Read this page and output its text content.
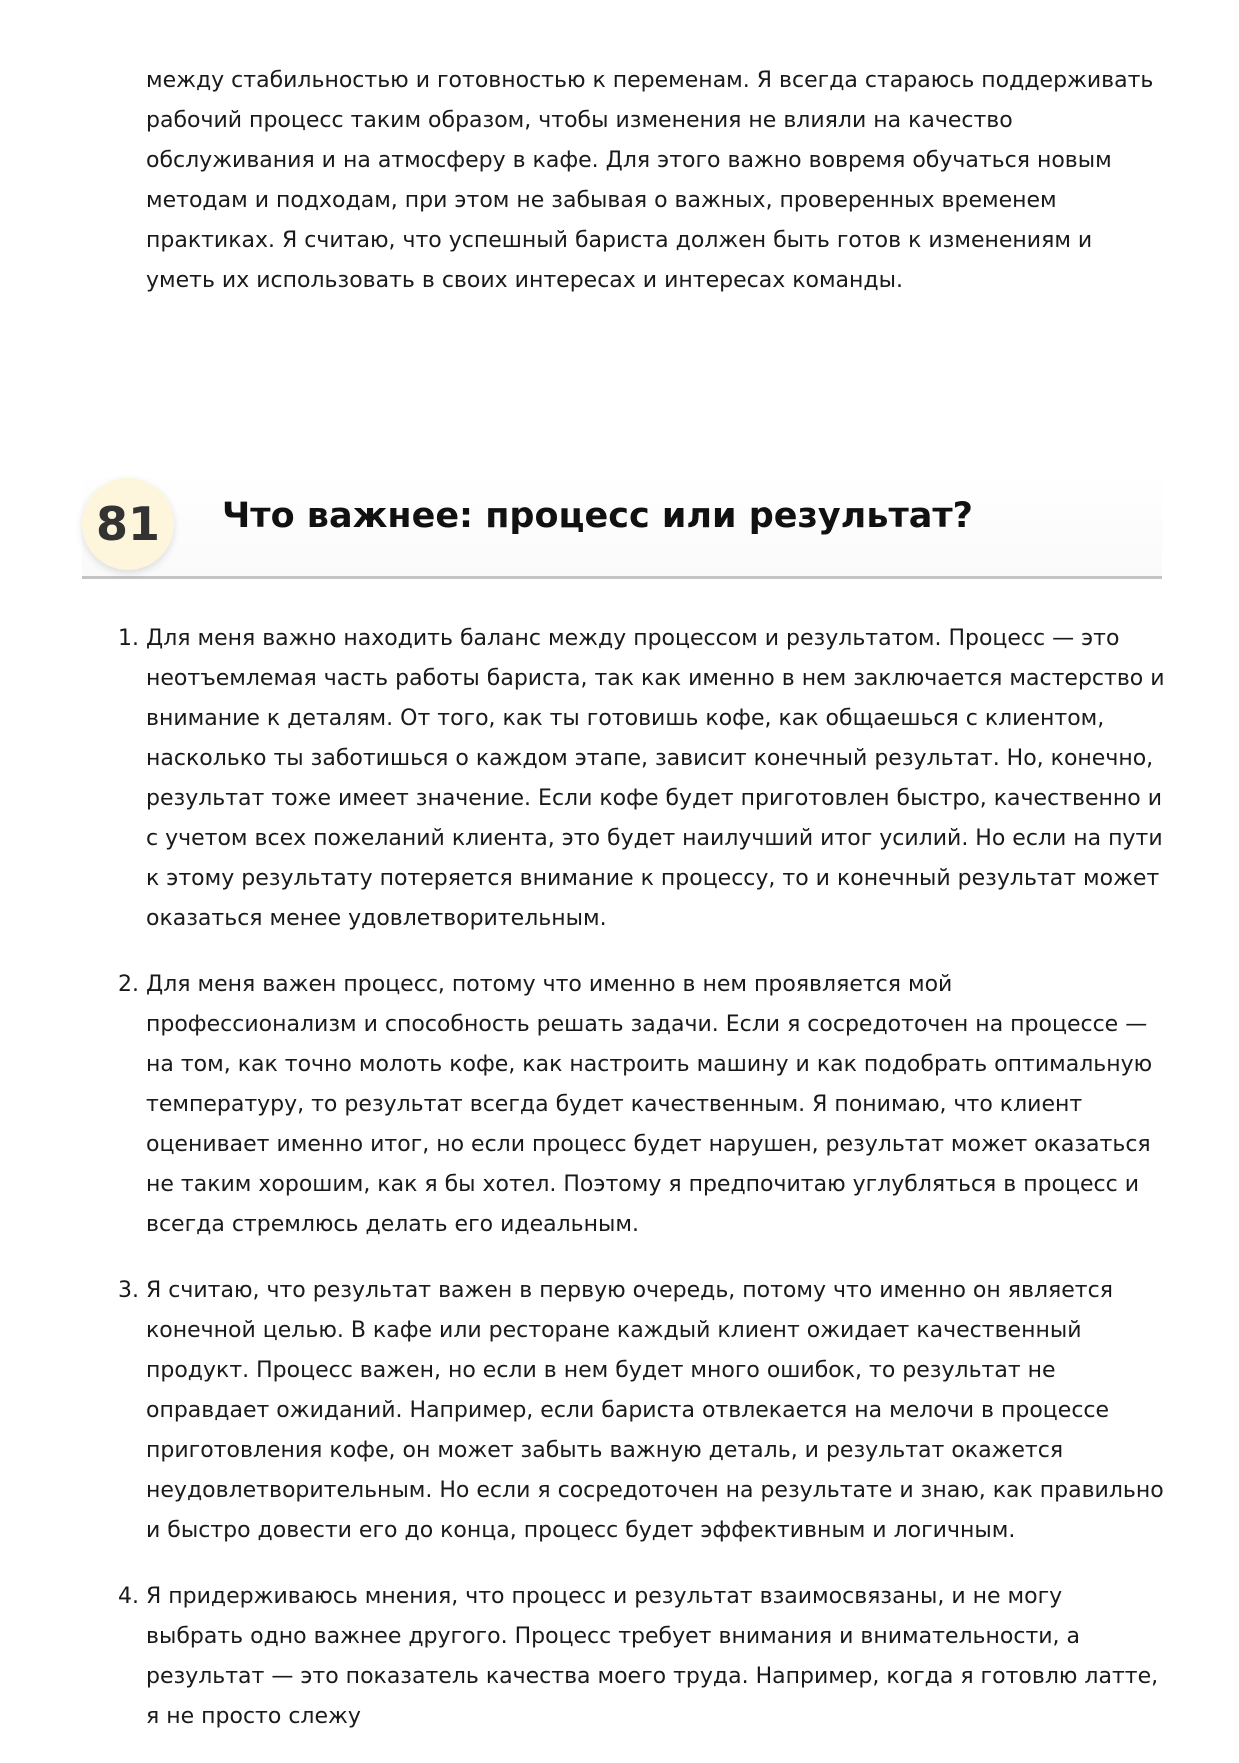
между стабильностью и готовностью к переменам. Я всегда стараюсь поддерживать рабочий процесс таким образом, чтобы изменения не влияли на качество обслуживания и на атмосферу в кафе. Для этого важно вовремя обучаться новым методам и подходам, при этом не забывая о важных, проверенных временем практиках. Я считаю, что успешный бариста должен быть готов к изменениям и уметь их использовать в своих интересах и интересах команды.

81	Что важнее: процесс или результат?
1. Для меня важно находить баланс между процессом и результатом. Процесс — это неотъемлемая часть работы бариста, так как именно в нем заключается мастерство и внимание к деталям. От того, как ты готовишь кофе, как общаешься с клиентом, насколько ты заботишься о каждом этапе, зависит конечный результат. Но, конечно, результат тоже имеет значение. Если кофе будет приготовлен быстро, качественно и с учетом всех пожеланий клиента, это будет наилучший итог усилий. Но если на пути к этому результату потеряется внимание к процессу, то и конечный результат может оказаться менее удовлетворительным.
2. Для меня важен процесс, потому что именно в нем проявляется мой профессионализм и способность решать задачи. Если я сосредоточен на процессе — на том, как точно молоть кофе, как настроить машину и как подобрать оптимальную температуру, то результат всегда будет качественным. Я понимаю, что клиент оценивает именно итог, но если процесс будет нарушен, результат может оказаться не таким хорошим, как я бы хотел. Поэтому я предпочитаю углубляться в процесс и всегда стремлюсь делать его идеальным.
3. Я считаю, что результат важен в первую очередь, потому что именно он является конечной целью. В кафе или ресторане каждый клиент ожидает качественный продукт. Процесс важен, но если в нем будет много ошибок, то результат не оправдает ожиданий. Например, если бариста отвлекается на мелочи в процессе приготовления кофе, он может забыть важную деталь, и результат окажется неудовлетворительным. Но если я сосредоточен на результате и знаю, как правильно и быстро довести его до конца, процесс будет эффективным и логичным.
4. Я придерживаюсь мнения, что процесс и результат взаимосвязаны, и не могу выбрать одно важнее другого. Процесс требует внимания и внимательности, а результат — это показатель качества моего труда. Например, когда я готовлю латте, я не просто слежу
